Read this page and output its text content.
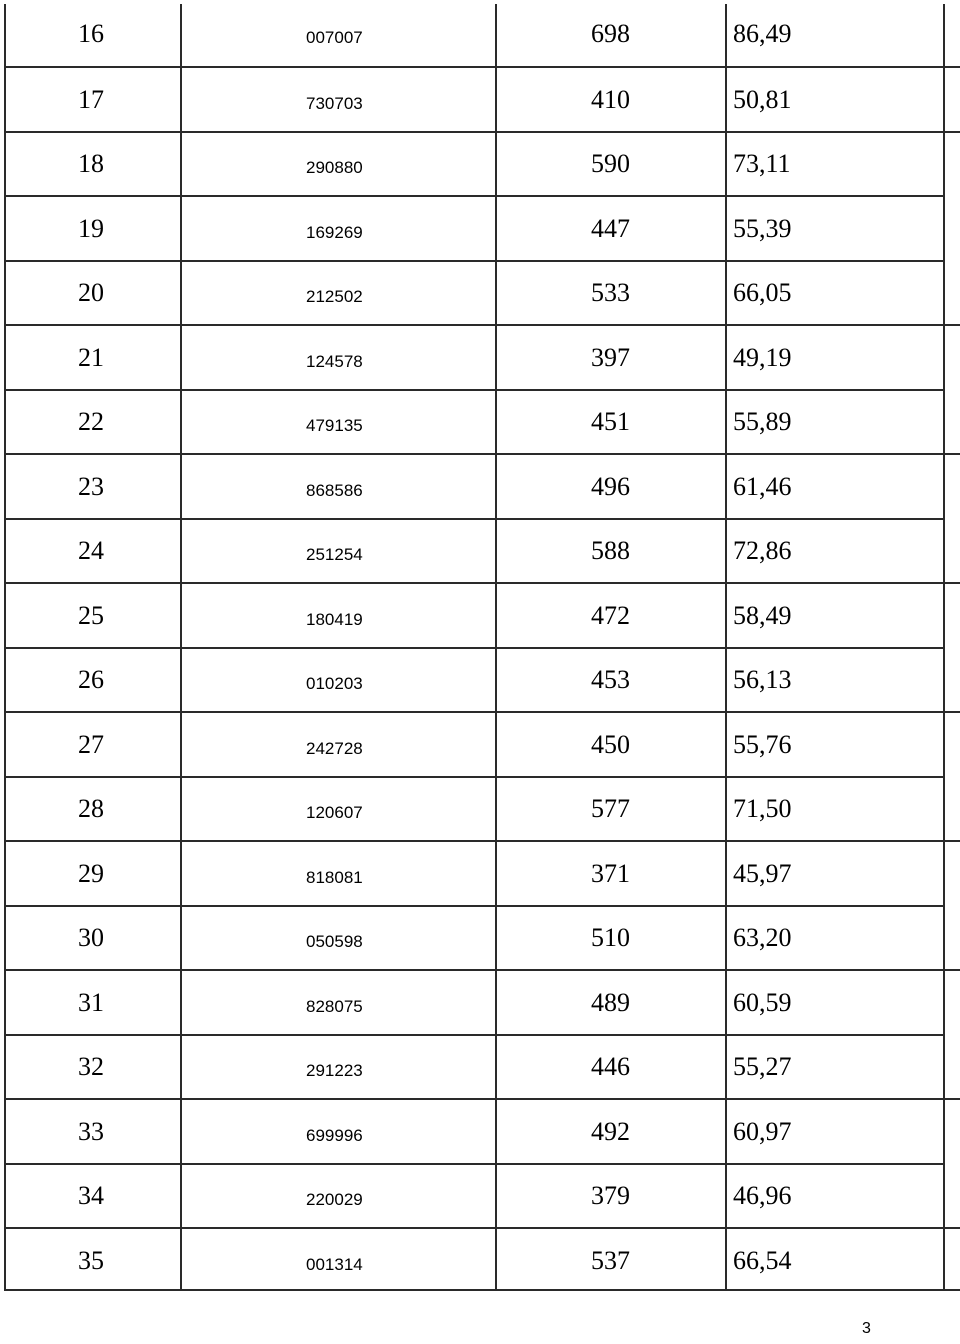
16	007007	698	86,49
17	730703	410	50,81
18	290880	590	73,11
19	169269	447	55,39
20	212502	533	66,05
21	124578	397	49,19
22	479135	451	55,89
23	868586	496	61,46
24	251254	588	72,86
25	180419	472	58,49
26	010203	453	56,13
27	242728	450	55,76
28	120607	577	71,50
29	818081	371	45,97
30	050598	510	63,20
31	828075	489	60,59
32	291223	446	55,27
33	699996	492	60,97
34	220029	379	46,96
35	001314	537	66,54
3
